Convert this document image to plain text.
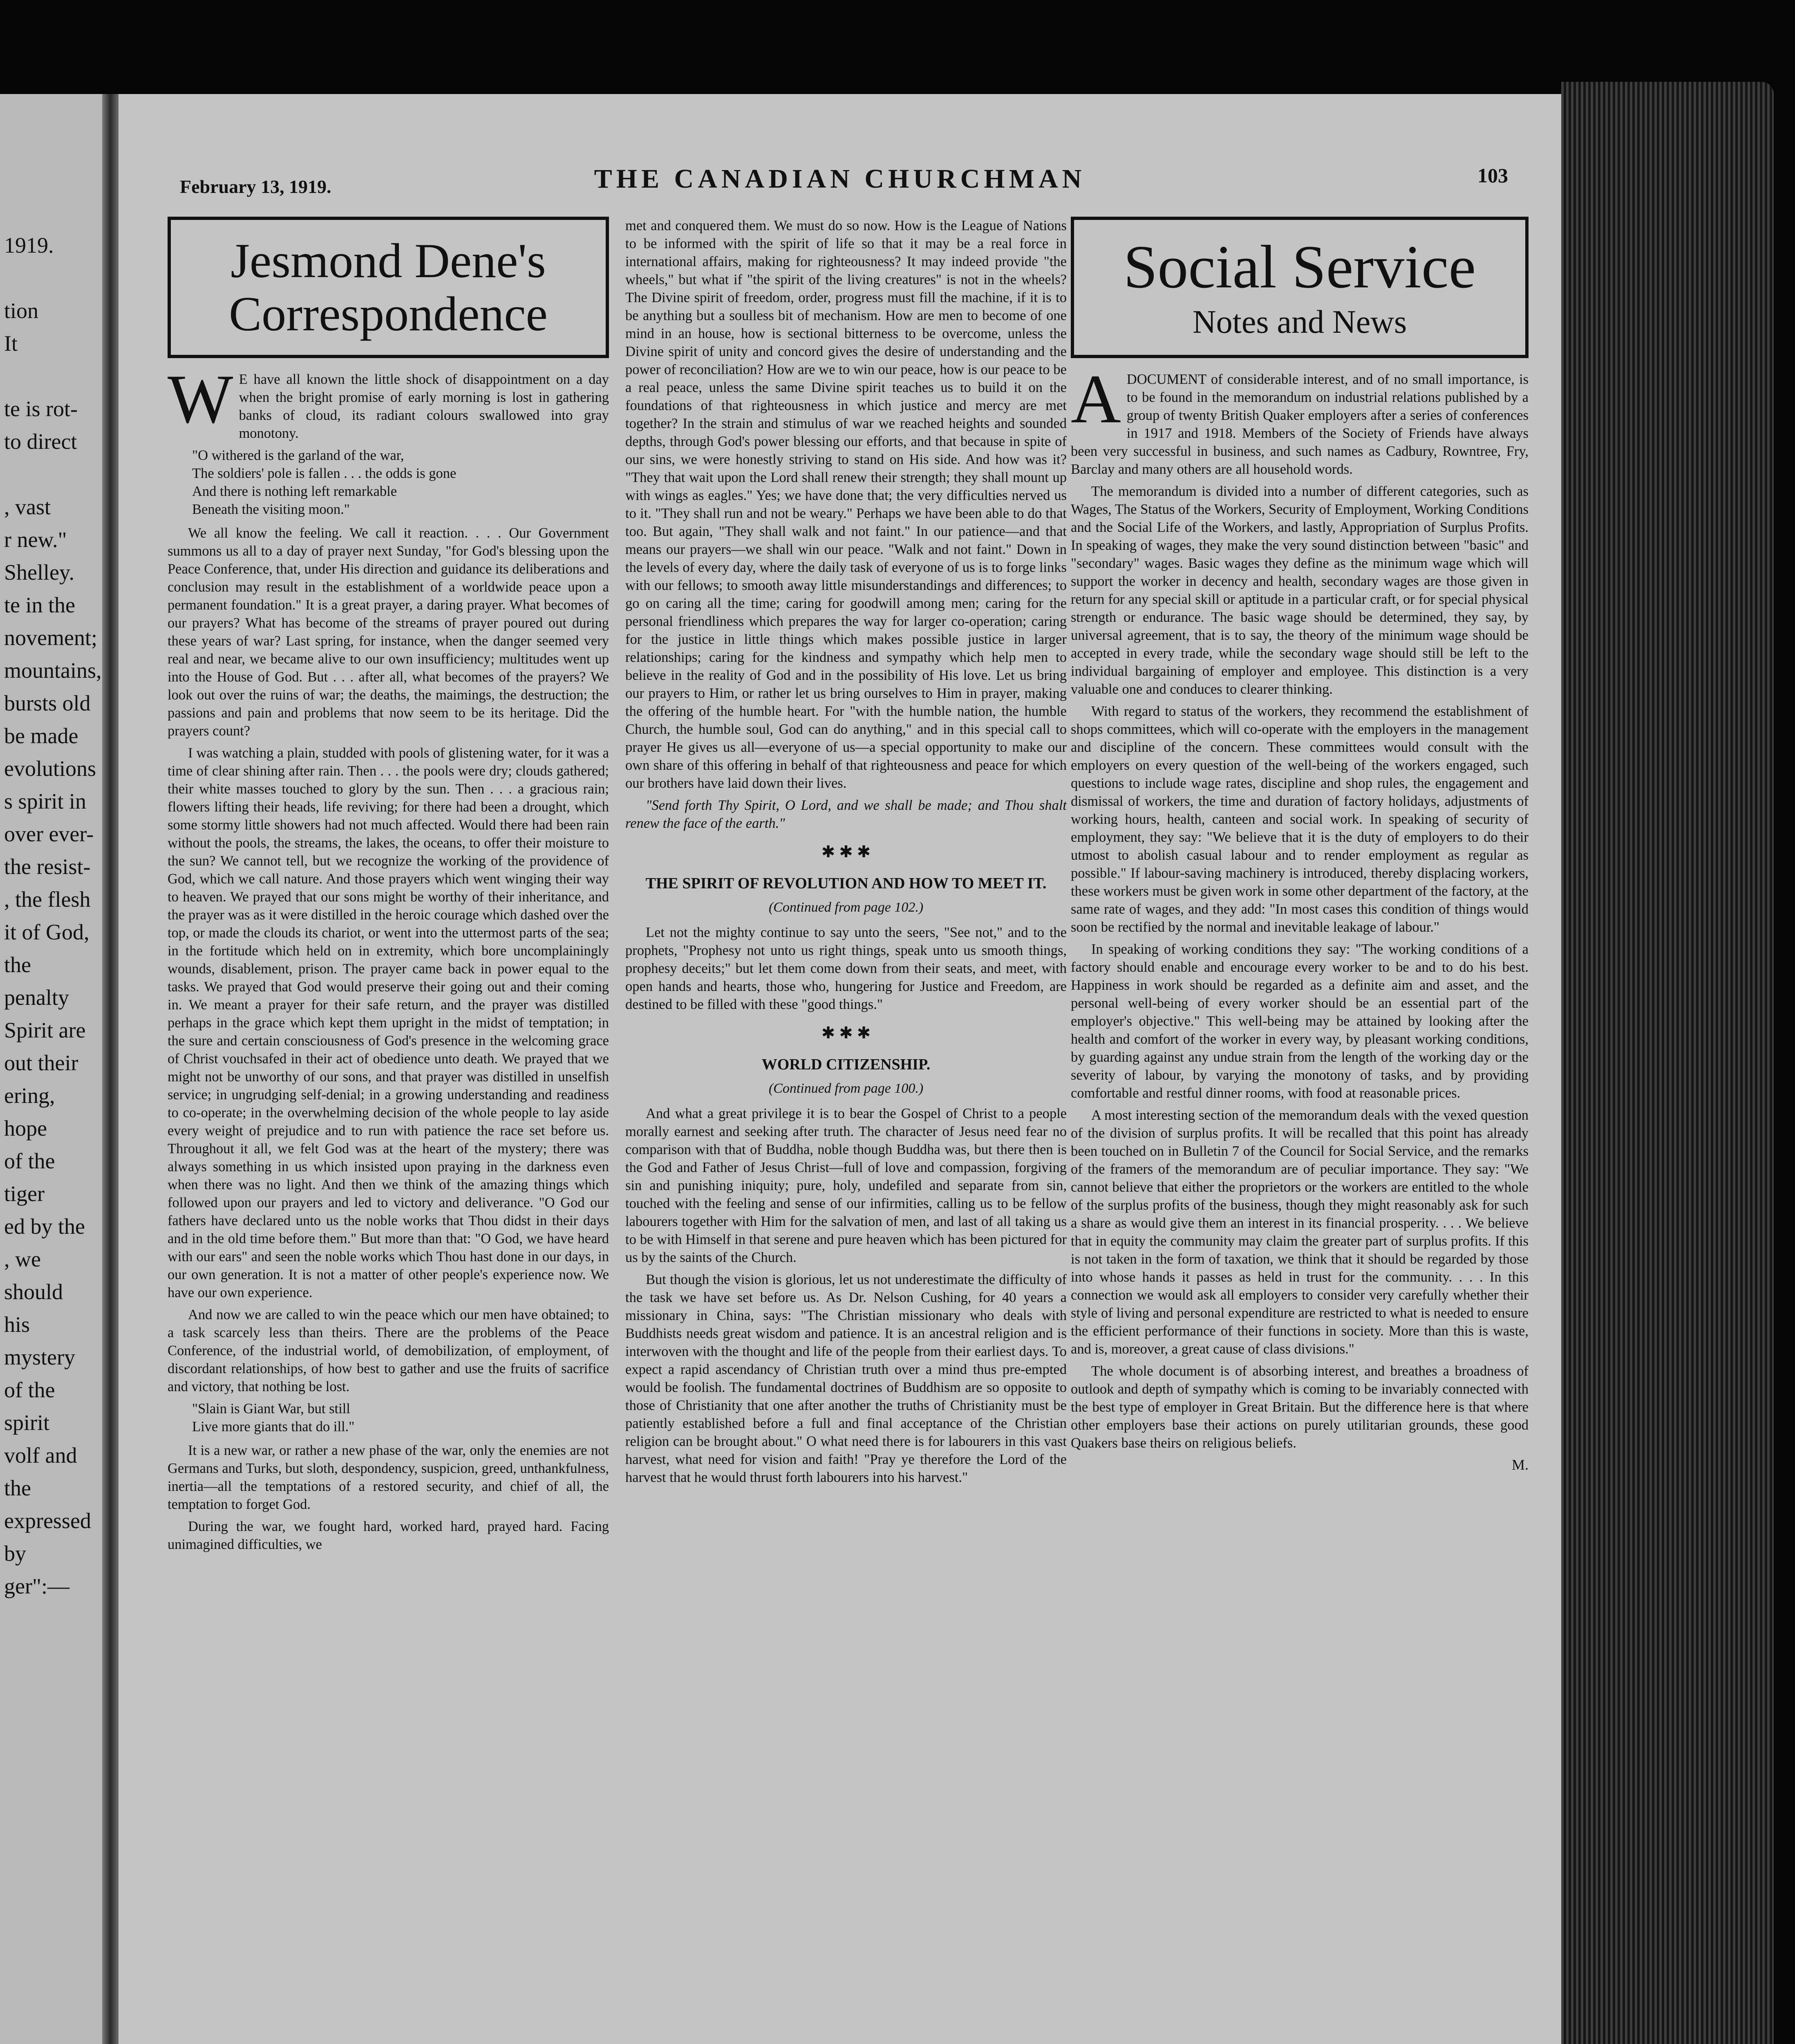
1919.

tion
It

te is rot-
to direct

, vast
r new."
Shelley.
te in the
novement;
mountains,
bursts old
be made
evolutions
s spirit in
over ever-
the resist-
, the flesh
it of God,
the penalty
Spirit are
out their
ering, hope
of the tiger
ed by the
, we should
his mystery
of the spirit
volf and the
expressed by
ger":—
February 13, 1919.	THE CANADIAN CHURCHMAN	103
Jesmond Dene's
Correspondence

WE have all known the little shock of disappointment on a day when the bright promise of early morning is lost in gathering banks of cloud, its radiant colours swallowed into gray monotony.

"O withered is the garland of the war,
The soldiers' pole is fallen . . . the odds is gone
And there is nothing left remarkable
Beneath the visiting moon."

We all know the feeling. We call it reaction. . . . Our Government summons us all to a day of prayer next Sunday, "for God's blessing upon the Peace Conference, that, under His direction and guidance its deliberations and conclusion may result in the establishment of a worldwide peace upon a permanent foundation." It is a great prayer, a daring prayer. What becomes of our prayers? What has become of the streams of prayer poured out during these years of war? Last spring, for instance, when the danger seemed very real and near, we became alive to our own insufficiency; multitudes went up into the House of God. But . . . after all, what becomes of the prayers? We look out over the ruins of war; the deaths, the maimings, the destruction; the passions and pain and problems that now seem to be its heritage. Did the prayers count?

I was watching a plain, studded with pools of glistening water, for it was a time of clear shining after rain. Then . . . the pools were dry; clouds gathered; their white masses touched to glory by the sun. Then . . . a gracious rain; flowers lifting their heads, life reviving; for there had been a drought, which some stormy little showers had not much affected. Would there had been rain without the pools, the streams, the lakes, the oceans, to offer their moisture to the sun? We cannot tell, but we recognize the working of the providence of God, which we call nature. And those prayers which went winging their way to heaven. We prayed that our sons might be worthy of their inheritance, and the prayer was as it were distilled in the heroic courage which dashed over the top, or made the clouds its chariot, or went into the uttermost parts of the sea; in the fortitude which held on in extremity, which bore uncomplainingly wounds, disablement, prison. The prayer came back in power equal to the tasks. We prayed that God would preserve their going out and their coming in. We meant a prayer for their safe return, and the prayer was distilled perhaps in the grace which kept them upright in the midst of temptation; in the sure and certain consciousness of God's presence in the welcoming grace of Christ vouchsafed in their act of obedience unto death. We prayed that we might not be unworthy of our sons, and that prayer was distilled in unselfish service; in ungrudging self-denial; in a growing understanding and readiness to co-operate; in the overwhelming decision of the whole people to lay aside every weight of prejudice and to run with patience the race set before us. Throughout it all, we felt God was at the heart of the mystery; there was always something in us which insisted upon praying in the darkness even when there was no light. And then we think of the amazing things which followed upon our prayers and led to victory and deliverance. "O God our fathers have declared unto us the noble works that Thou didst in their days and in the old time before them." But more than that: "O God, we have heard with our ears" and seen the noble works which Thou hast done in our days, in our own generation. It is not a matter of other people's experience now. We have our own experience.

And now we are called to win the peace which our men have obtained; to a task scarcely less than theirs. There are the problems of the Peace Conference, of the industrial world, of demobilization, of employment, of discordant relationships, of how best to gather and use the fruits of sacrifice and victory, that nothing be lost.

"Slain is Giant War, but still
Live more giants that do ill."

It is a new war, or rather a new phase of the war, only the enemies are not Germans and Turks, but sloth, despondency, suspicion, greed, unthankfulness, inertia—all the temptations of a restored security, and chief of all, the temptation to forget God.

During the war, we fought hard, worked hard, prayed hard. Facing unimagined difficulties, we

met and conquered them. We must do so now. How is the League of Nations to be informed with the spirit of life so that it may be a real force in international affairs, making for righteousness? It may indeed provide "the wheels," but what if "the spirit of the living creatures" is not in the wheels? The Divine spirit of freedom, order, progress must fill the machine, if it is to be anything but a soulless bit of mechanism. How are men to become of one mind in an house, how is sectional bitterness to be overcome, unless the Divine spirit of unity and concord gives the desire of understanding and the power of reconciliation? How are we to win our peace, how is our peace to be a real peace, unless the same Divine spirit teaches us to build it on the foundations of that righteousness in which justice and mercy are met together? In the strain and stimulus of war we reached heights and sounded depths, through God's power blessing our efforts, and that because in spite of our sins, we were honestly striving to stand on His side. And how was it? "They that wait upon the Lord shall renew their strength; they shall mount up with wings as eagles." Yes; we have done that; the very difficulties nerved us to it. "They shall run and not be weary." Perhaps we have been able to do that too. But again, "They shall walk and not faint." In our patience—and that means our prayers—we shall win our peace. "Walk and not faint." Down in the levels of every day, where the daily task of everyone of us is to forge links with our fellows; to smooth away little misunderstandings and differences; to go on caring all the time; caring for goodwill among men; caring for the personal friendliness which prepares the way for larger co-operation; caring for the justice in little things which makes possible justice in larger relationships; caring for the kindness and sympathy which help men to believe in the reality of God and in the possibility of His love. Let us bring our prayers to Him, or rather let us bring ourselves to Him in prayer, making the offering of the humble heart. For "with the humble nation, the humble Church, the humble soul, God can do anything," and in this special call to prayer He gives us all—everyone of us—a special opportunity to make our own share of this offering in behalf of that righteousness and peace for which our brothers have laid down their lives.

"Send forth Thy Spirit, O Lord, and we shall be made; and Thou shalt renew the face of the earth."

✱ ✱ ✱
THE SPIRIT OF REVOLUTION AND HOW TO MEET IT.
(Continued from page 102.)

Let not the mighty continue to say unto the seers, "See not," and to the prophets, "Prophesy not unto us right things, speak unto us smooth things, prophesy deceits;" but let them come down from their seats, and meet, with open hands and hearts, those who, hungering for Justice and Freedom, are destined to be filled with these "good things."

✱ ✱ ✱
WORLD CITIZENSHIP.
(Continued from page 100.)

And what a great privilege it is to bear the Gospel of Christ to a people morally earnest and seeking after truth. The character of Jesus need fear no comparison with that of Buddha, noble though Buddha was, but there then is the God and Father of Jesus Christ—full of love and compassion, forgiving sin and punishing iniquity; pure, holy, undefiled and separate from sin, touched with the feeling and sense of our infirmities, calling us to be fellow labourers together with Him for the salvation of men, and last of all taking us to be with Himself in that serene and pure heaven which has been pictured for us by the saints of the Church.

But though the vision is glorious, let us not underestimate the difficulty of the task we have set before us. As Dr. Nelson Cushing, for 40 years a missionary in China, says: "The Christian missionary who deals with Buddhists needs great wisdom and patience. It is an ancestral religion and is interwoven with the thought and life of the people from their earliest days. To expect a rapid ascendancy of Christian truth over a mind thus pre-empted would be foolish. The fundamental doctrines of Buddhism are so opposite to those of Christianity that one after another the truths of Christianity must be patiently established before a full and final acceptance of the Christian religion can be brought about." O what need there is for labourers in this vast harvest, what need for vision and faith! "Pray ye therefore the Lord of the harvest that he would thrust forth labourers into his harvest."

Social Service
Notes and News

ADOCUMENT of considerable interest, and of no small importance, is to be found in the memorandum on industrial relations published by a group of twenty British Quaker employers after a series of conferences in 1917 and 1918. Members of the Society of Friends have always been very successful in business, and such names as Cadbury, Rowntree, Fry, Barclay and many others are all household words.

The memorandum is divided into a number of different categories, such as Wages, The Status of the Workers, Security of Employment, Working Conditions and the Social Life of the Workers, and lastly, Appropriation of Surplus Profits. In speaking of wages, they make the very sound distinction between "basic" and "secondary" wages. Basic wages they define as the minimum wage which will support the worker in decency and health, secondary wages are those given in return for any special skill or aptitude in a particular craft, or for special physical strength or endurance. The basic wage should be determined, they say, by universal agreement, that is to say, the theory of the minimum wage should be accepted in every trade, while the secondary wage should still be left to the individual bargaining of employer and employee. This distinction is a very valuable one and conduces to clearer thinking.

With regard to status of the workers, they recommend the establishment of shops committees, which will co-operate with the employers in the management and discipline of the concern. These committees would consult with the employers on every question of the well-being of the workers engaged, such questions to include wage rates, discipline and shop rules, the engagement and dismissal of workers, the time and duration of factory holidays, adjustments of working hours, health, canteen and social work. In speaking of security of employment, they say: "We believe that it is the duty of employers to do their utmost to abolish casual labour and to render employment as regular as possible." If labour-saving machinery is introduced, thereby displacing workers, these workers must be given work in some other department of the factory, at the same rate of wages, and they add: "In most cases this condition of things would soon be rectified by the normal and inevitable leakage of labour."

In speaking of working conditions they say: "The working conditions of a factory should enable and encourage every worker to be and to do his best. Happiness in work should be regarded as a definite aim and asset, and the personal well-being of every worker should be an essential part of the employer's objective." This well-being may be attained by looking after the health and comfort of the worker in every way, by pleasant working conditions, by guarding against any undue strain from the length of the working day or the severity of labour, by varying the monotony of tasks, and by providing comfortable and restful dinner rooms, with food at reasonable prices.

A most interesting section of the memorandum deals with the vexed question of the division of surplus profits. It will be recalled that this point has already been touched on in Bulletin 7 of the Council for Social Service, and the remarks of the framers of the memorandum are of peculiar importance. They say: "We cannot believe that either the proprietors or the workers are entitled to the whole of the surplus profits of the business, though they might reasonably ask for such a share as would give them an interest in its financial prosperity. . . . We believe that in equity the community may claim the greater part of surplus profits. If this is not taken in the form of taxation, we think that it should be regarded by those into whose hands it passes as held in trust for the community. . . . In this connection we would ask all employers to consider very carefully whether their style of living and personal expenditure are restricted to what is needed to ensure the efficient performance of their functions in society. More than this is waste, and is, moreover, a great cause of class divisions."

The whole document is of absorbing interest, and breathes a broadness of outlook and depth of sympathy which is coming to be invariably connected with the best type of employer in Great Britain. But the difference here is that where other employers base their actions on purely utilitarian grounds, these good Quakers base theirs on religious beliefs.

M.
